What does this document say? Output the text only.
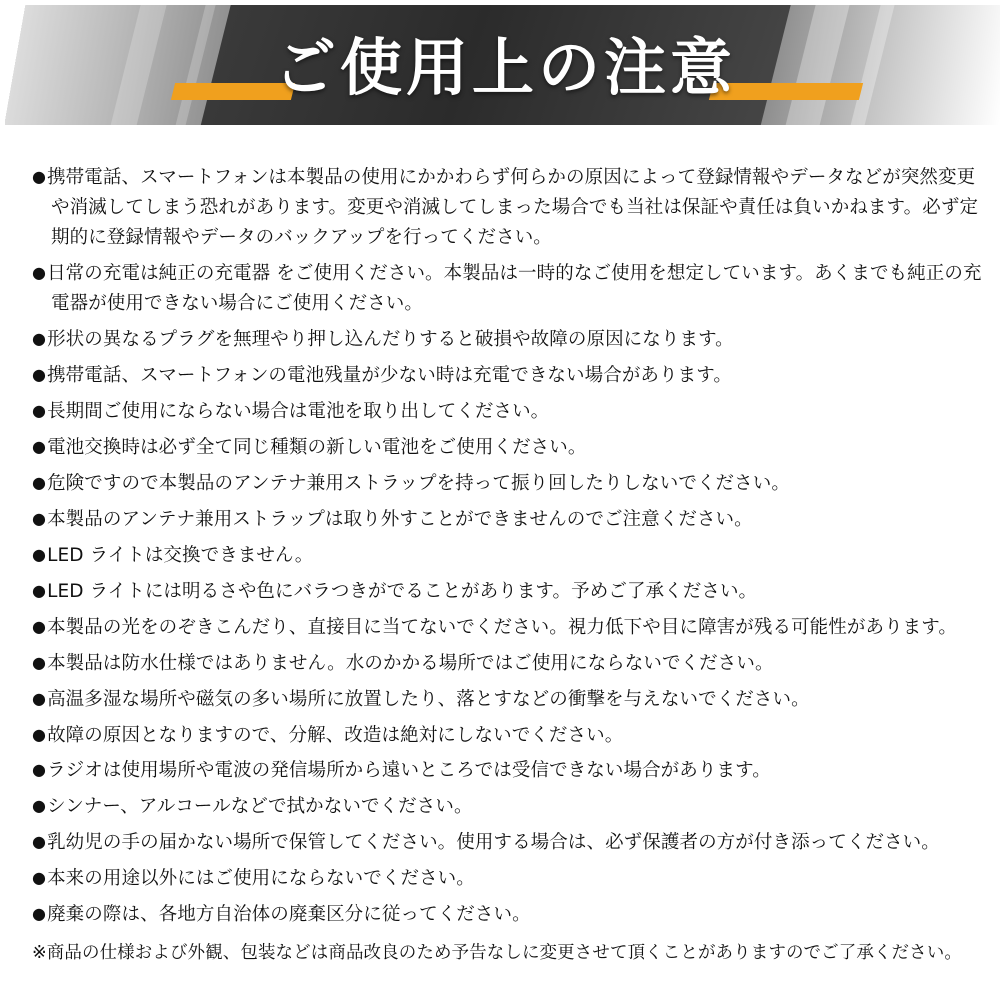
ご使用上の注意
●携帯電話、スマートフォンは本製品の使用にかかわらず何らかの原因によって登録情報やデータなどが突然変更や消滅してしまう恐れがあります。変更や消滅してしまった場合でも当社は保証や責任は負いかねます。必ず定期的に登録情報やデータのバックアップを行ってください。
●日常の充電は純正の充電器 をご使用ください。本製品は一時的なご使用を想定しています。あくまでも純正の充電器が使用できない場合にご使用ください。
●形状の異なるプラグを無理やり押し込んだりすると破損や故障の原因になります。
●携帯電話、スマートフォンの電池残量が少ない時は充電できない場合があります。
●長期間ご使用にならない場合は電池を取り出してください。
●電池交換時は必ず全て同じ種類の新しい電池をご使用ください。
●危険ですので本製品のアンテナ兼用ストラップを持って振り回したりしないでください。
●本製品のアンテナ兼用ストラップは取り外すことができませんのでご注意ください。
●LED ライトは交換できません。
●LED ライトには明るさや色にバラつきがでることがあります。予めご了承ください。
●本製品の光をのぞきこんだり、直接目に当てないでください。視力低下や目に障害が残る可能性があります。
●本製品は防水仕様ではありません。水のかかる場所ではご使用にならないでください。
●高温多湿な場所や磁気の多い場所に放置したり、落とすなどの衝撃を与えないでください。
●故障の原因となりますので、分解、改造は絶対にしないでください。
●ラジオは使用場所や電波の発信場所から遠いところでは受信できない場合があります。
●シンナー、アルコールなどで拭かないでください。
●乳幼児の手の届かない場所で保管してください。使用する場合は、必ず保護者の方が付き添ってください。
●本来の用途以外にはご使用にならないでください。
●廃棄の際は、各地方自治体の廃棄区分に従ってください。
※商品の仕様および外観、包装などは商品改良のため予告なしに変更させて頂くことがありますのでご了承ください。
